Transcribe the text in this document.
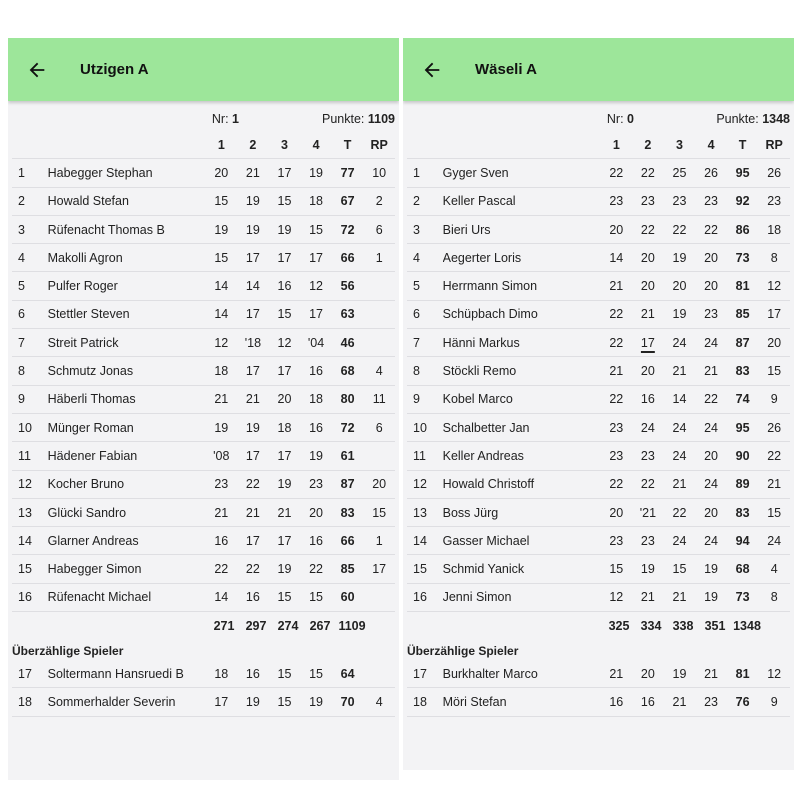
Utzigen A
Nr: 1	Punkte: 1109
1	2	3	4	T	RP
1	Habegger Stephan	20	21	17	19	77	10
2	Howald Stefan	15	19	15	18	67	2
3	Rüfenacht Thomas B	19	19	19	15	72	6
4	Makolli Agron	15	17	17	17	66	1
5	Pulfer Roger	14	14	16	12	56
6	Stettler Steven	14	17	15	17	63
7	Streit Patrick	12	'18	12	'04	46
8	Schmutz Jonas	18	17	17	16	68	4
9	Häberli Thomas	21	21	20	18	80	11
10	Münger Roman	19	19	18	16	72	6
11	Hädener Fabian	'08	17	17	19	61
12	Kocher Bruno	23	22	19	23	87	20
13	Glücki Sandro	21	21	21	20	83	15
14	Glarner Andreas	16	17	17	16	66	1
15	Habegger Simon	22	22	19	22	85	17
16	Rüfenacht Michael	14	16	15	15	60
271 297 274 267 1109
Überzählige Spieler
17	Soltermann Hansruedi B	18	16	15	15	64
18	Sommerhalder Severin	17	19	15	19	70	4
Wäseli A
Nr: 0	Punkte: 1348
1	2	3	4	T	RP
1	Gyger Sven	22	22	25	26	95	26
2	Keller Pascal	23	23	23	23	92	23
3	Bieri Urs	20	22	22	22	86	18
4	Aegerter Loris	14	20	19	20	73	8
5	Herrmann Simon	21	20	20	20	81	12
6	Schüpbach Dimo	22	21	19	23	85	17
7	Hänni Markus	22	17	24	24	87	20
8	Stöckli Remo	21	20	21	21	83	15
9	Kobel Marco	22	16	14	22	74	9
10	Schalbetter Jan	23	24	24	24	95	26
11	Keller Andreas	23	23	24	20	90	22
12	Howald Christoff	22	22	21	24	89	21
13	Boss Jürg	20	'21	22	20	83	15
14	Gasser Michael	23	23	24	24	94	24
15	Schmid Yanick	15	19	15	19	68	4
16	Jenni Simon	12	21	21	19	73	8
325 334 338 351 1348
Überzählige Spieler
17	Burkhalter Marco	21	20	19	21	81	12
18	Möri Stefan	16	16	21	23	76	9
